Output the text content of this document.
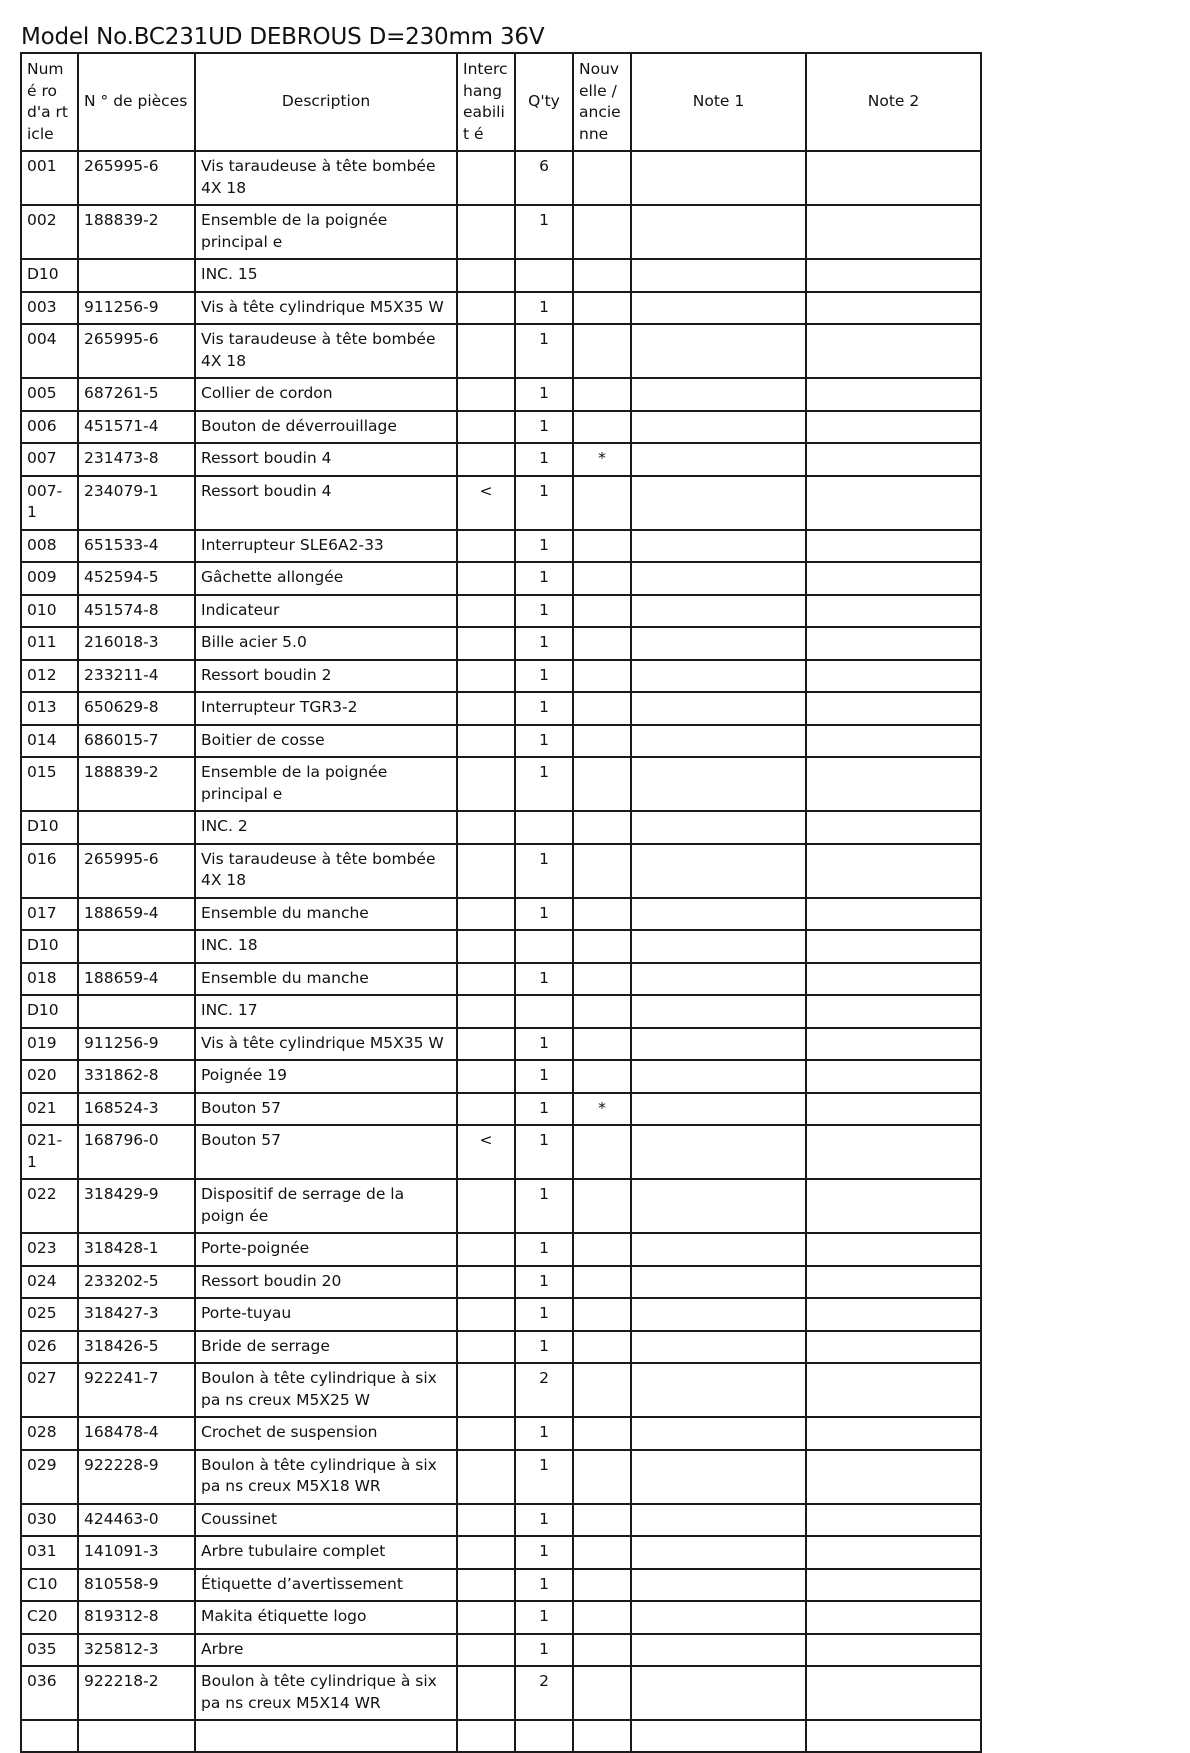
Model No.BC231UD DEBROUS D=230mm 36V
Numé ro d'a rticle	N ° de pièces	Description	Interc hang eabilit é	Q'ty	Nouv elle / ancie nne	Note 1	Note 2
001	265995-6	Vis taraudeuse à tête bombée 4X 18		6			
002	188839-2	Ensemble de la poignée principal e		1			
D10		INC. 15					
003	911256-9	Vis à tête cylindrique M5X35 W		1			
004	265995-6	Vis taraudeuse à tête bombée 4X 18		1			
005	687261-5	Collier de cordon		1			
006	451571-4	Bouton de déverrouillage		1			
007	231473-8	Ressort boudin 4		1	*		
007-1	234079-1	Ressort boudin 4	<	1			
008	651533-4	Interrupteur SLE6A2-33		1			
009	452594-5	Gâchette allongée		1			
010	451574-8	Indicateur		1			
011	216018-3	Bille acier 5.0		1			
012	233211-4	Ressort boudin 2		1			
013	650629-8	Interrupteur TGR3-2		1			
014	686015-7	Boitier de cosse		1			
015	188839-2	Ensemble de la poignée principal e		1			
D10		INC. 2					
016	265995-6	Vis taraudeuse à tête bombée 4X 18		1			
017	188659-4	Ensemble du manche		1			
D10		INC. 18					
018	188659-4	Ensemble du manche		1			
D10		INC. 17					
019	911256-9	Vis à tête cylindrique M5X35 W		1			
020	331862-8	Poignée 19		1			
021	168524-3	Bouton 57		1	*		
021-1	168796-0	Bouton 57	<	1			
022	318429-9	Dispositif de serrage de la poign ée		1			
023	318428-1	Porte-poignée		1			
024	233202-5	Ressort boudin 20		1			
025	318427-3	Porte-tuyau		1			
026	318426-5	Bride de serrage		1			
027	922241-7	Boulon à tête cylindrique à six pa ns creux M5X25 W		2			
028	168478-4	Crochet de suspension		1			
029	922228-9	Boulon à tête cylindrique à six pa ns creux M5X18 WR		1			
030	424463-0	Coussinet		1			
031	141091-3	Arbre tubulaire complet		1			
C10	810558-9	Étiquette d’avertissement		1			
C20	819312-8	Makita étiquette logo		1			
035	325812-3	Arbre		1			
036	922218-2	Boulon à tête cylindrique à six pa ns creux M5X14 WR		2			
